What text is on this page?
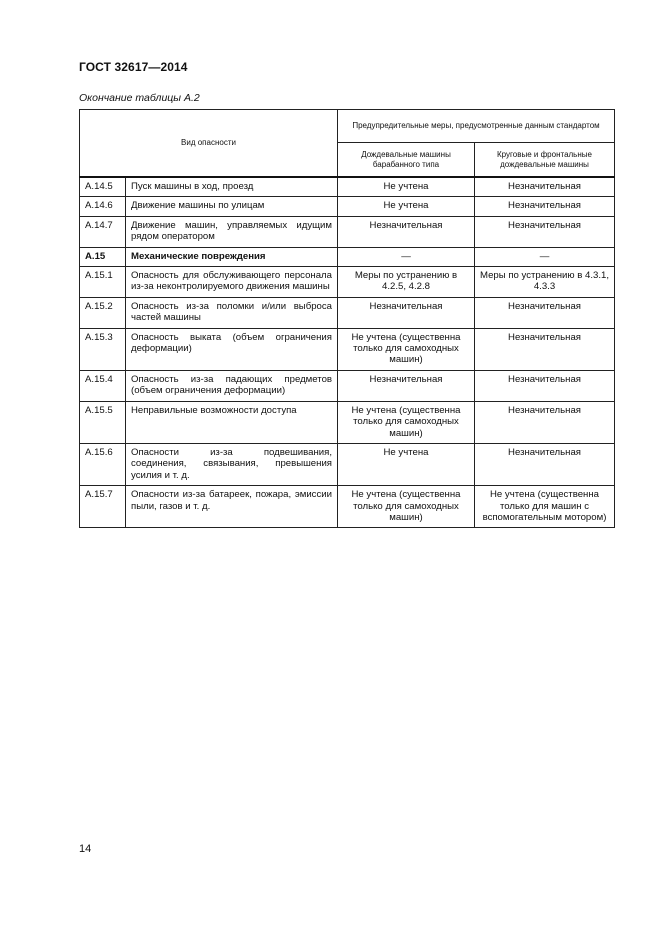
ГОСТ 32617—2014
Окончание таблицы А.2
Вид опасности		Предупредительные меры, предусмотренные данным стандартом	
		Дождевальные машины барабанного типа	Круговые и фронтальные дождевальные машины
А.14.5	Пуск машины в ход, проезд	Не учтена	Незначительная
А.14.6	Движение машины по улицам	Не учтена	Незначительная
А.14.7	Движение машин, управляемых идущим рядом оператором	Незначительная	Незначительная
А.15	Механические повреждения	—	—
А.15.1	Опасность для обслуживающего персонала из-за неконтролируемого движения машины	Меры по устранению в 4.2.5, 4.2.8	Меры по устранению в 4.3.1, 4.3.3
А.15.2	Опасность из-за поломки и/или выброса частей машины	Незначительная	Незначительная
А.15.3	Опасность выката (объем ограничения деформации)	Не учтена (существенна только для самоходных машин)	Незначительная
А.15.4	Опасность из-за падающих предметов (объем ограничения деформации)	Незначительная	Незначительная
А.15.5	Неправильные возможности доступа	Не учтена (существенна только для самоходных машин)	Незначительная
А.15.6	Опасности из-за подвешивания, соединения, связывания, превышения усилия и т. д.	Не учтена	Незначительная
А.15.7	Опасности из-за батареек, пожара, эмиссии пыли, газов и т. д.	Не учтена (существенна только для самоходных машин)	Не учтена (существенна только для машин с вспомогательным мотором)
14
